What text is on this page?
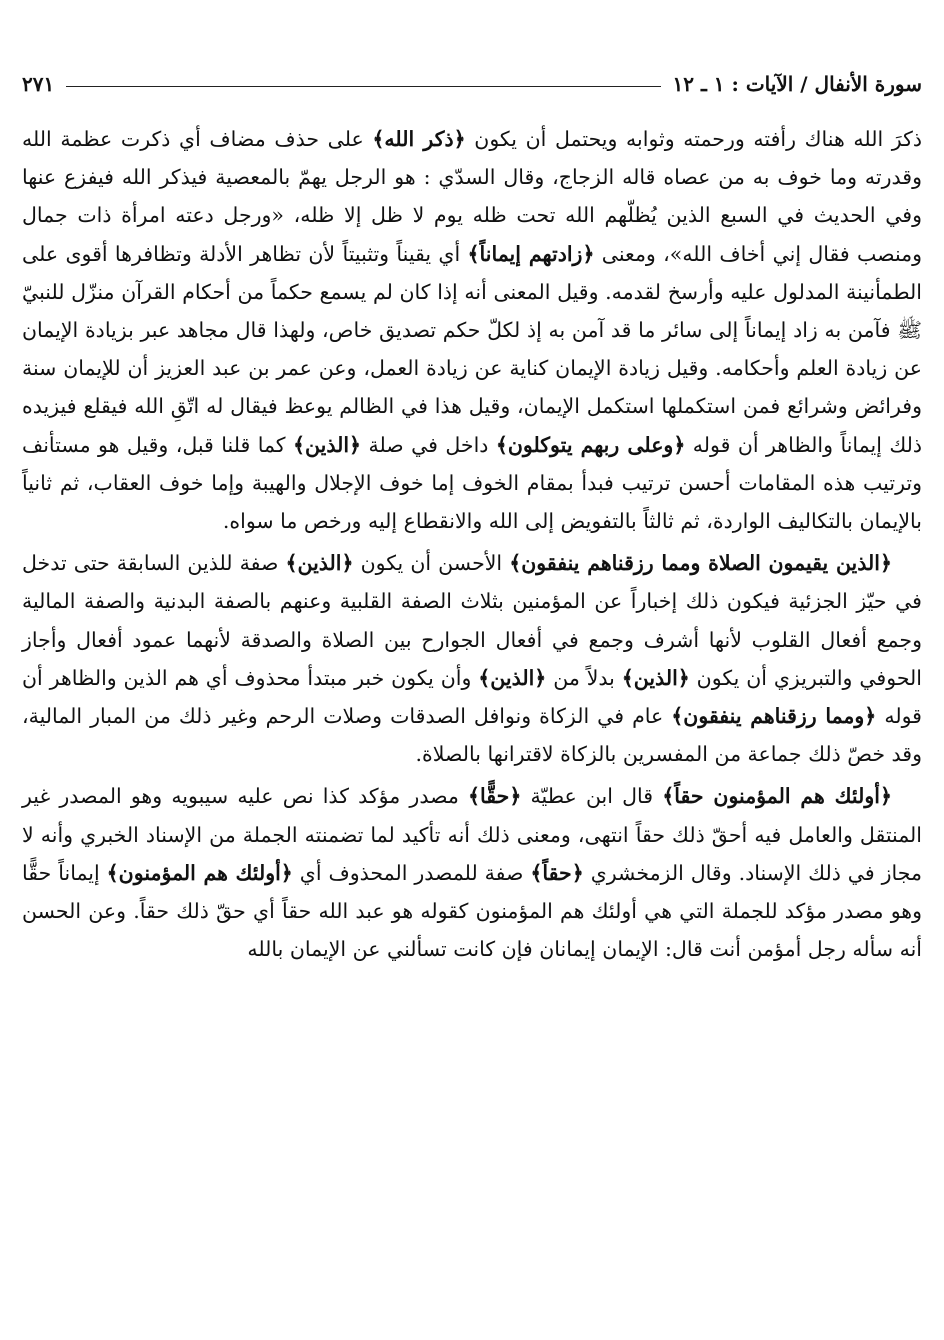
سورة الأنفال / الآيات : ١ ـ ١٢
٢٧١

ذكرَ الله هناك رأفته ورحمته وثوابه ويحتمل أن يكون ﴿ذكر الله﴾ على حذف مضاف أي ذكرت عظمة الله وقدرته وما خوف به من عصاه قاله الزجاج، وقال السدّي : هو الرجل يهمّ بالمعصية فيذكر الله فيفزع عنها وفي الحديث في السبع الذين يُظلّهم الله تحت ظله يوم لا ظل إلا ظله، «ورجل دعته امرأة ذات جمال ومنصب فقال إني أخاف الله»، ومعنى ﴿زادتهم إيماناً﴾ أي يقيناً وتثبيتاً لأن تظاهر الأدلة وتظافرها أقوى على الطمأنينة المدلول عليه وأرسخ لقدمه. وقيل المعنى أنه إذا كان لم يسمع حكماً من أحكام القرآن منزّل للنبيّ ﷺ فآمن به زاد إيماناً إلى سائر ما قد آمن به إذ لكلّ حكم تصديق خاص، ولهذا قال مجاهد عبر بزيادة الإيمان عن زيادة العلم وأحكامه. وقيل زيادة الإيمان كناية عن زيادة العمل، وعن عمر بن عبد العزيز أن للإيمان سنة وفرائض وشرائع فمن استكملها استكمل الإيمان، وقيل هذا في الظالم يوعظ فيقال له اتّقِ الله فيقلع فيزيده ذلك إيماناً والظاهر أن قوله ﴿وعلى ربهم يتوكلون﴾ داخل في صلة ﴿الذين﴾ كما قلنا قبل، وقيل هو مستأنف وترتيب هذه المقامات أحسن ترتيب فبدأ بمقام الخوف إما خوف الإجلال والهيبة وإما خوف العقاب، ثم ثانياً بالإيمان بالتكاليف الواردة، ثم ثالثاً بالتفويض إلى الله والانقطاع إليه ورخص ما سواه.

﴿الذين يقيمون الصلاة ومما رزقناهم ينفقون﴾ الأحسن أن يكون ﴿الذين﴾ صفة للذين السابقة حتى تدخل في حيّز الجزئية فيكون ذلك إخباراً عن المؤمنين بثلاث الصفة القلبية وعنهم بالصفة البدنية والصفة المالية وجمع أفعال القلوب لأنها أشرف وجمع في أفعال الجوارح بين الصلاة والصدقة لأنهما عمود أفعال وأجاز الحوفي والتبريزي أن يكون ﴿الذين﴾ بدلاً من ﴿الذين﴾ وأن يكون خبر مبتدأ محذوف أي هم الذين والظاهر أن قوله ﴿ومما رزقناهم ينفقون﴾ عام في الزكاة ونوافل الصدقات وصلات الرحم وغير ذلك من المبار المالية، وقد خصّ ذلك جماعة من المفسرين بالزكاة لاقترانها بالصلاة.

﴿أولئك هم المؤمنون حقاً﴾ قال ابن عطيّة ﴿حقًّا﴾ مصدر مؤكد كذا نص عليه سيبويه وهو المصدر غير المنتقل والعامل فيه أحقّ ذلك حقاً انتهى، ومعنى ذلك أنه تأكيد لما تضمنته الجملة من الإسناد الخبري وأنه لا مجاز في ذلك الإسناد. وقال الزمخشري ﴿حقاً﴾ صفة للمصدر المحذوف أي ﴿أولئك هم المؤمنون﴾ إيماناً حقًّا وهو مصدر مؤكد للجملة التي هي أولئك هم المؤمنون كقوله هو عبد الله حقاً أي حقّ ذلك حقاً. وعن الحسن أنه سأله رجل أمؤمن أنت قال: الإيمان إيمانان فإن كانت تسألني عن الإيمان بالله
